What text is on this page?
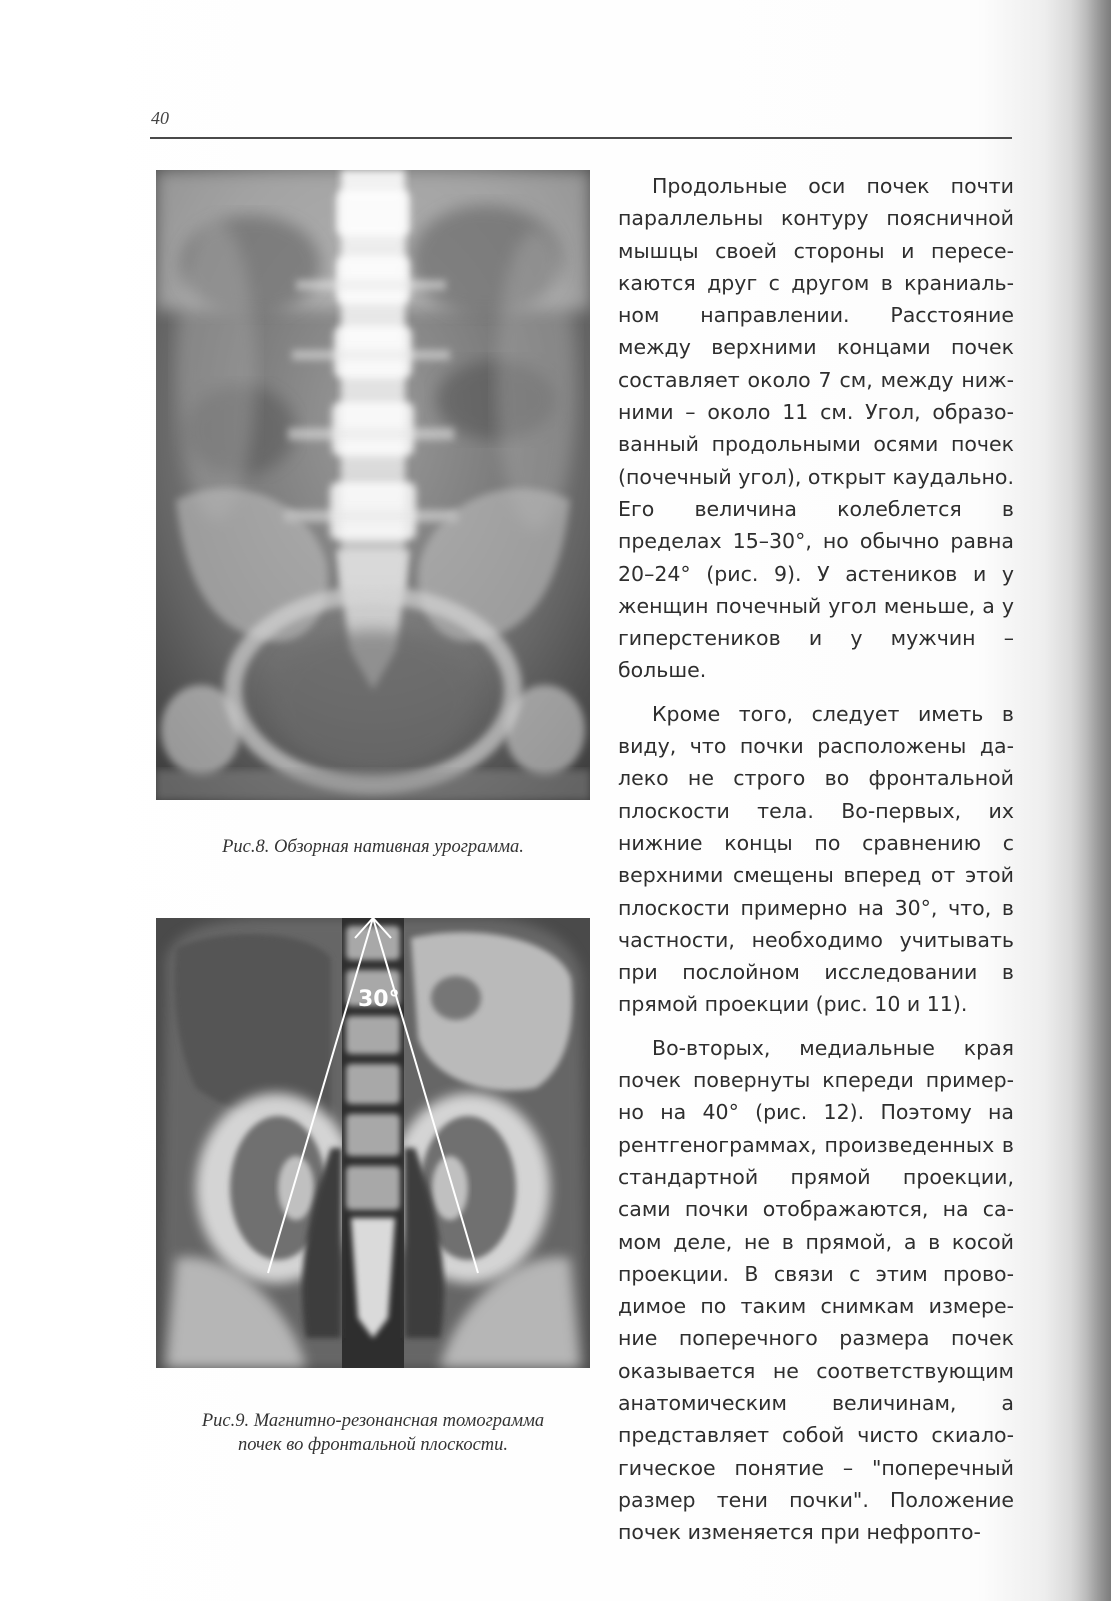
40
Рис.8. Обзорная нативная урограмма.
30°
Рис.9. Магнитно-резонансная томограмма
почек во фронтальной плоскости.

Продольные оси почек почти параллельны контуру поясничной мышцы своей стороны и пересекаются друг с другом в краниальном направлении. Расстояние между верхними концами почек составляет около 7 см, между нижними – около 11 см. Угол, образованный продольными осями почек (почечный угол), открыт каудально. Его величина колеблется в пределах 15–30°, но обычно равна 20–24° (рис. 9). У астеников и у женщин почечный угол меньше, а у гиперстеников и у мужчин – больше.

Кроме того, следует иметь в виду, что почки расположены далеко не строго во фронтальной плоскости тела. Во-первых, их нижние концы по сравнению с верхними смещены вперед от этой плоскости примерно на 30°, что, в частности, необходимо учитывать при послойном исследовании в прямой проекции (рис. 10 и 11).

Во-вторых, медиальные края почек повернуты кпереди примерно на 40° (рис. 12). Поэтому на рентгенограммах, произведенных в стандартной прямой проекции, сами почки отображаются, на самом деле, не в прямой, а в косой проекции. В связи с этим проводимое по таким снимкам измерение поперечного размера почек оказывается не соответствующим анатомическим величинам, а представляет собой чисто скиалогическое понятие – "поперечный размер тени почки". Положение почек изменяется при нефропто-
